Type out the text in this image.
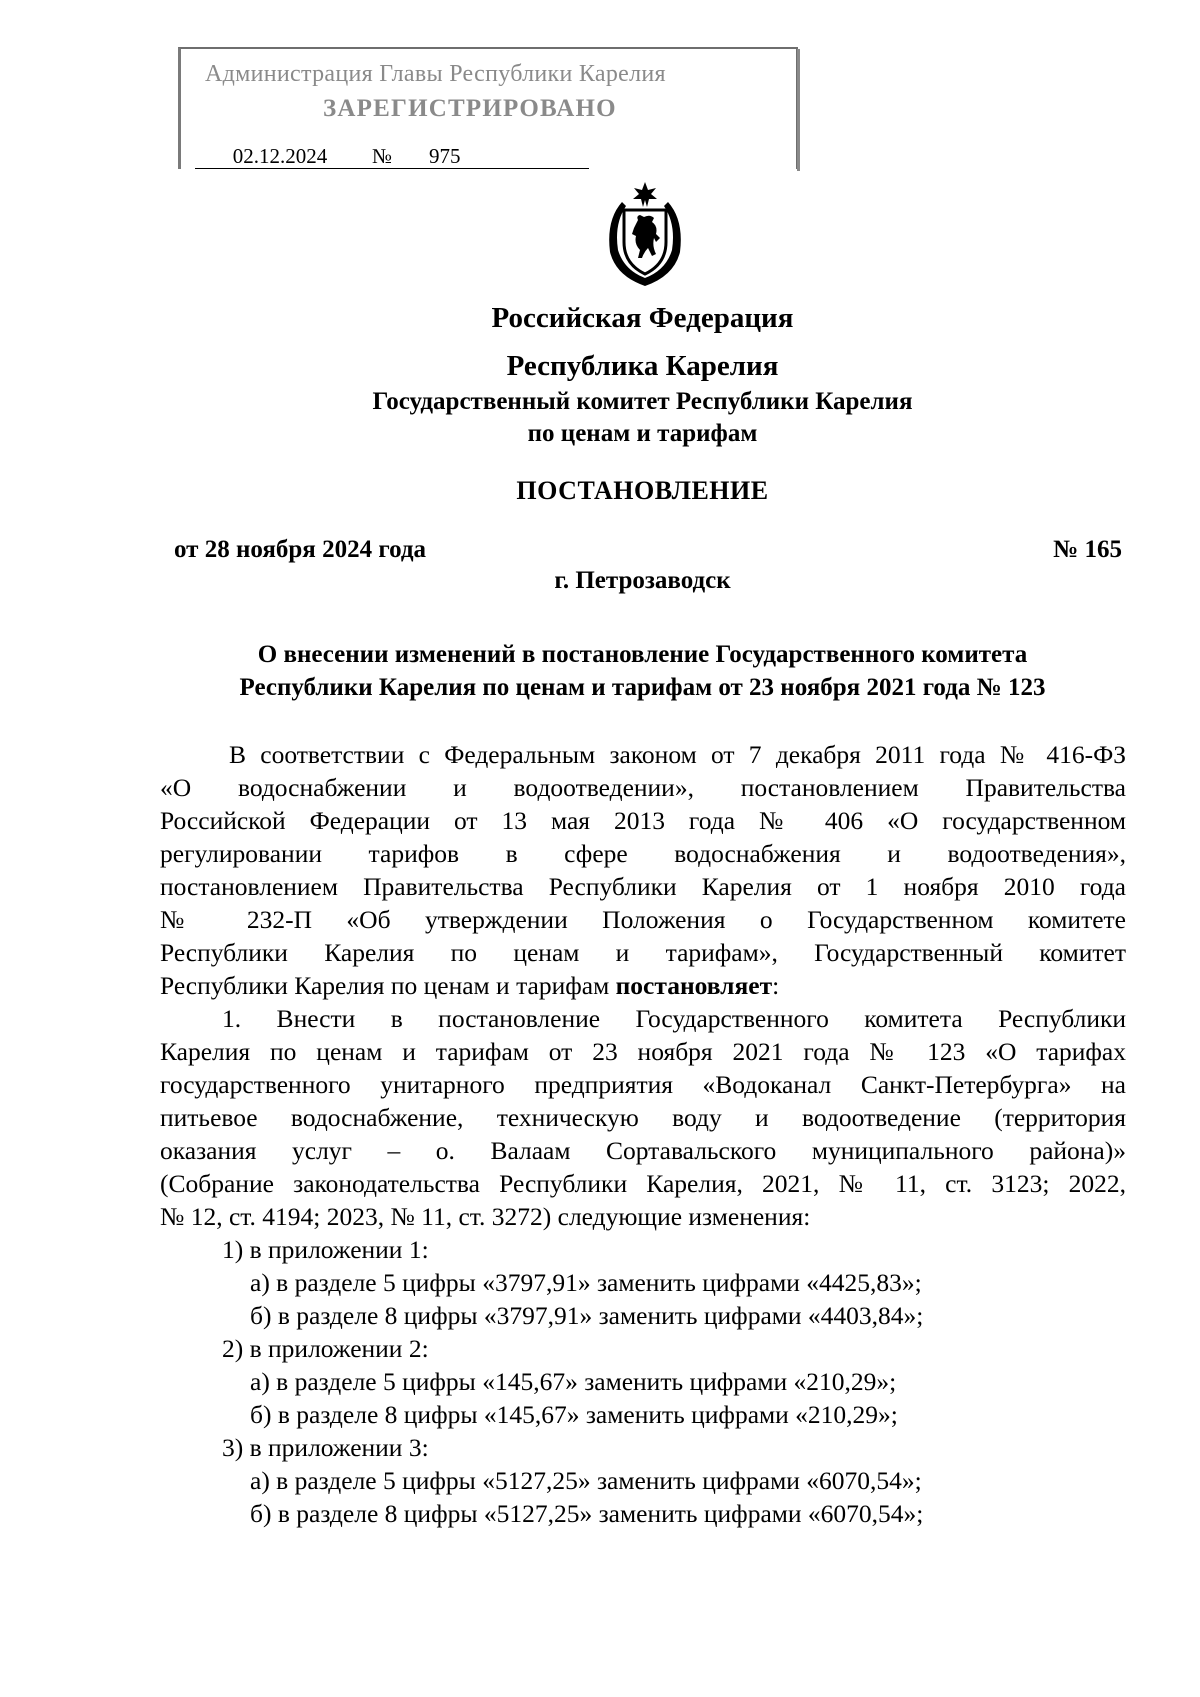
Администрация Главы Республики Карелия
ЗАРЕГИСТРИРОВАНО
02.12.2024 № 975
Российская Федерация
Республика Карелия
Государственный комитет Республики Карелия
по ценам и тарифам
ПОСТАНОВЛЕНИЕ
от 28 ноября 2024 года	№ 165
г. Петрозаводск
О внесении изменений в постановление Государственного комитета
Республики Карелия по ценам и тарифам от 23 ноября 2021 года № 123
В соответствии с Федеральным законом от 7 декабря 2011 года № 416-ФЗ
«О водоснабжении и водоотведении», постановлением Правительства
Российской Федерации от 13 мая 2013 года № 406 «О государственном
регулировании тарифов в сфере водоснабжения и водоотведения»,
постановлением Правительства Республики Карелия от 1 ноября 2010 года
№ 232-П «Об утверждении Положения о Государственном комитете
Республики Карелия по ценам и тарифам», Государственный комитет
Республики Карелия по ценам и тарифам постановляет:
1. Внести в постановление Государственного комитета Республики
Карелия по ценам и тарифам от 23 ноября 2021 года № 123 «О тарифах
государственного унитарного предприятия «Водоканал Санкт-Петербурга» на
питьевое водоснабжение, техническую воду и водоотведение (территория
оказания услуг – о. Валаам Сортавальского муниципального района)»
(Собрание законодательства Республики Карелия, 2021, № 11, ст. 3123; 2022,
№ 12, ст. 4194; 2023, № 11, ст. 3272) следующие изменения:
1) в приложении 1:
а) в разделе 5 цифры «3797,91» заменить цифрами «4425,83»;
б) в разделе 8 цифры «3797,91» заменить цифрами «4403,84»;
2) в приложении 2:
а) в разделе 5 цифры «145,67» заменить цифрами «210,29»;
б) в разделе 8 цифры «145,67» заменить цифрами «210,29»;
3) в приложении 3:
а) в разделе 5 цифры «5127,25» заменить цифрами «6070,54»;
б) в разделе 8 цифры «5127,25» заменить цифрами «6070,54»;
